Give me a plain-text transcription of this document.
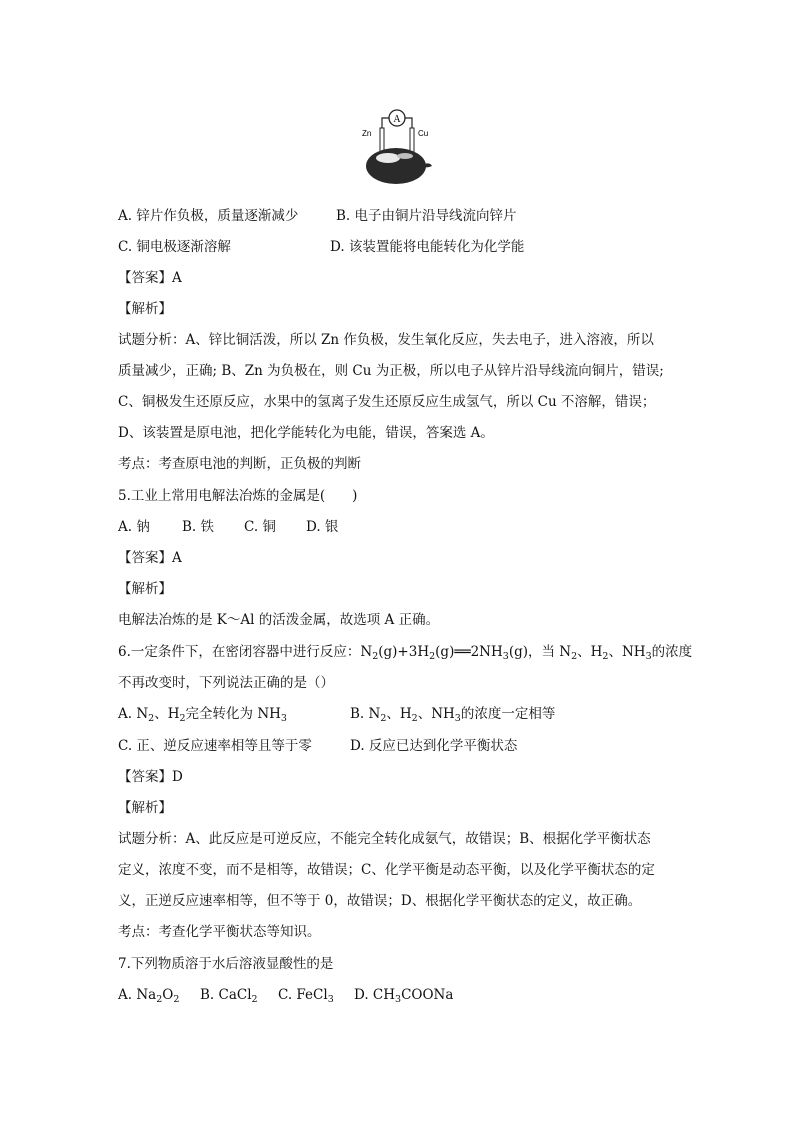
A
Zn	Cu
A. 锌片作负极，质量逐渐减少	B. 电子由铜片沿导线流向锌片
C. 铜电极逐渐溶解	D. 该装置能将电能转化为化学能
【答案】A
【解析】
试题分析：A、锌比铜活泼，所以 Zn 作负极，发生氧化反应，失去电子，进入溶液，所以
质量减少，正确; B、Zn 为负极在，则 Cu 为正极，所以电子从锌片沿导线流向铜片，错误;
C、铜极发生还原反应，水果中的氢离子发生还原反应生成氢气，所以 Cu 不溶解，错误；
D、该装置是原电池，把化学能转化为电能，错误，答案选 A。
考点：考查原电池的判断，正负极的判断
5.工业上常用电解法冶炼的金属是(　　)
A. 钠 B. 铁 C. 铜 D. 银
【答案】A
【解析】
电解法冶炼的是 K～Al 的活泼金属，故选项 A 正确。
6.一定条件下，在密闭容器中进行反应：$N_2(g)+3H_2(g)══2NH_3(g)$，当 $N_2$、$H_2$、$NH_3$的浓度
不再改变时，下列说法正确的是（）
A. $N_2$、$H_2$完全转化为 $NH_3$	B. $N_2$、$H_2$、$NH_3$的浓度一定相等
C. 正、逆反应速率相等且等于零	D. 反应已达到化学平衡状态
【答案】D
【解析】
试题分析：A、此反应是可逆反应，不能完全转化成氨气，故错误；B、根据化学平衡状态
定义，浓度不变，而不是相等，故错误；C、化学平衡是动态平衡，以及化学平衡状态的定
义，正逆反应速率相等，但不等于 0，故错误；D、根据化学平衡状态的定义，故正确。
考点：考查化学平衡状态等知识。
7.下列物质溶于水后溶液显酸性的是
A. $Na_2O_2$ B. CaCl$_2$ C. FeCl$_3$ D. $CH_3COONa$
